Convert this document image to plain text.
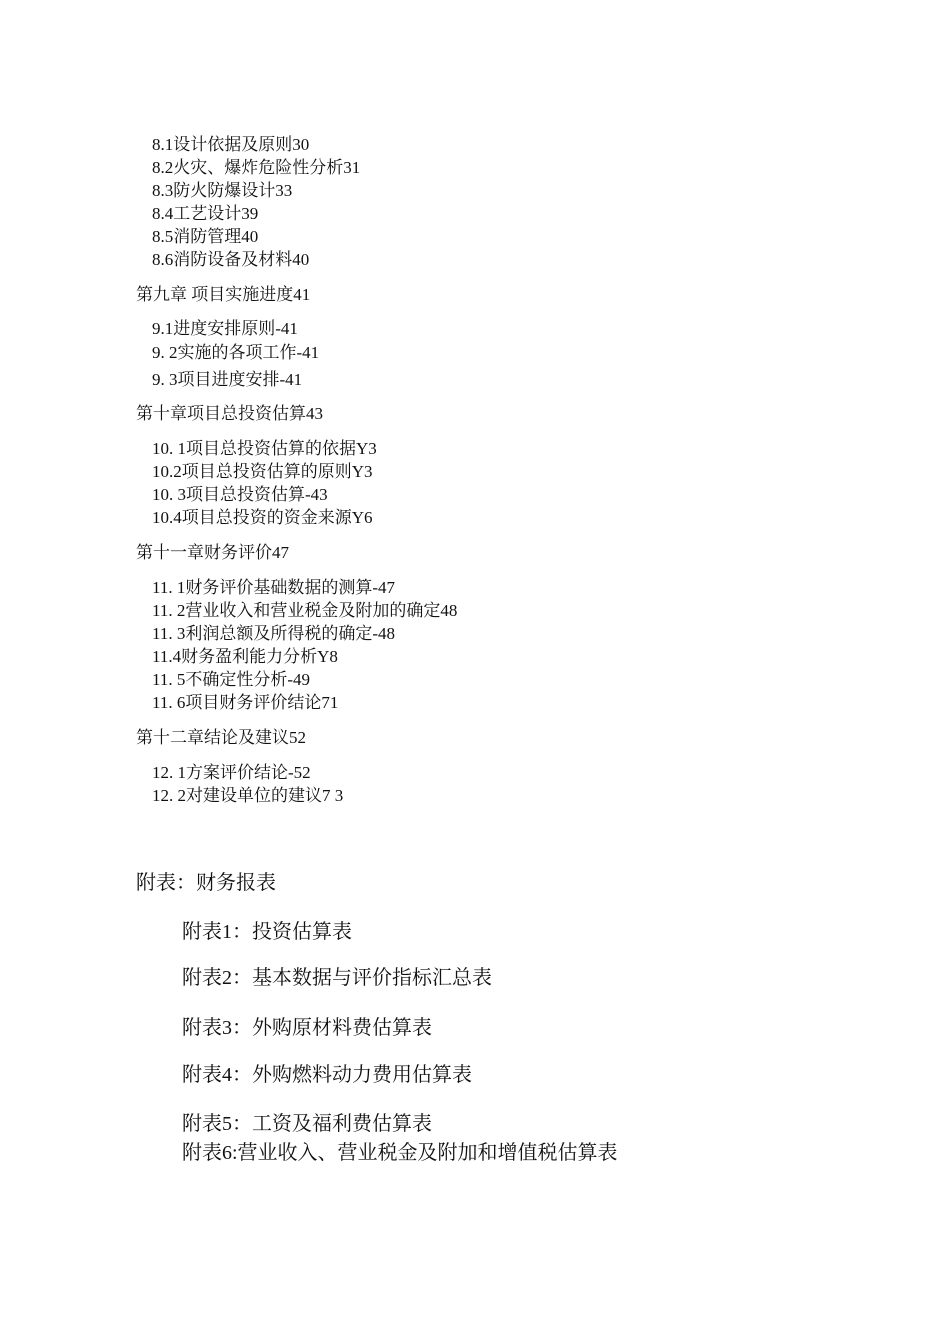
8.1设计依据及原则30
8.2火灾、爆炸危险性分析31
8.3防火防爆设计33
8.4工艺设计39
8.5消防管理40
8.6消防设备及材料40
第九章 项目实施进度41
9.1进度安排原则-41
9. 2实施的各项工作-41
9. 3项目进度安排-41
第十章项目总投资估算43
10. 1项目总投资估算的依据Y3
10.2项目总投资估算的原则Y3
10. 3项目总投资估算-43
10.4项目总投资的资金来源Y6
第十一章财务评价47
11. 1财务评价基础数据的测算-47
11. 2营业收入和营业税金及附加的确定48
11. 3利润总额及所得税的确定-48
11.4财务盈利能力分析Y8
11. 5不确定性分析-49
11. 6项目财务评价结论71
第十二章结论及建议52
12. 1方案评价结论-52
12. 2对建设单位的建议7 3
附表：财务报表
附表1：投资估算表
附表2：基本数据与评价指标汇总表
附表3：外购原材料费估算表
附表4：外购燃料动力费用估算表
附表5：工资及福利费估算表
附表6:营业收入、营业税金及附加和增值税估算表
